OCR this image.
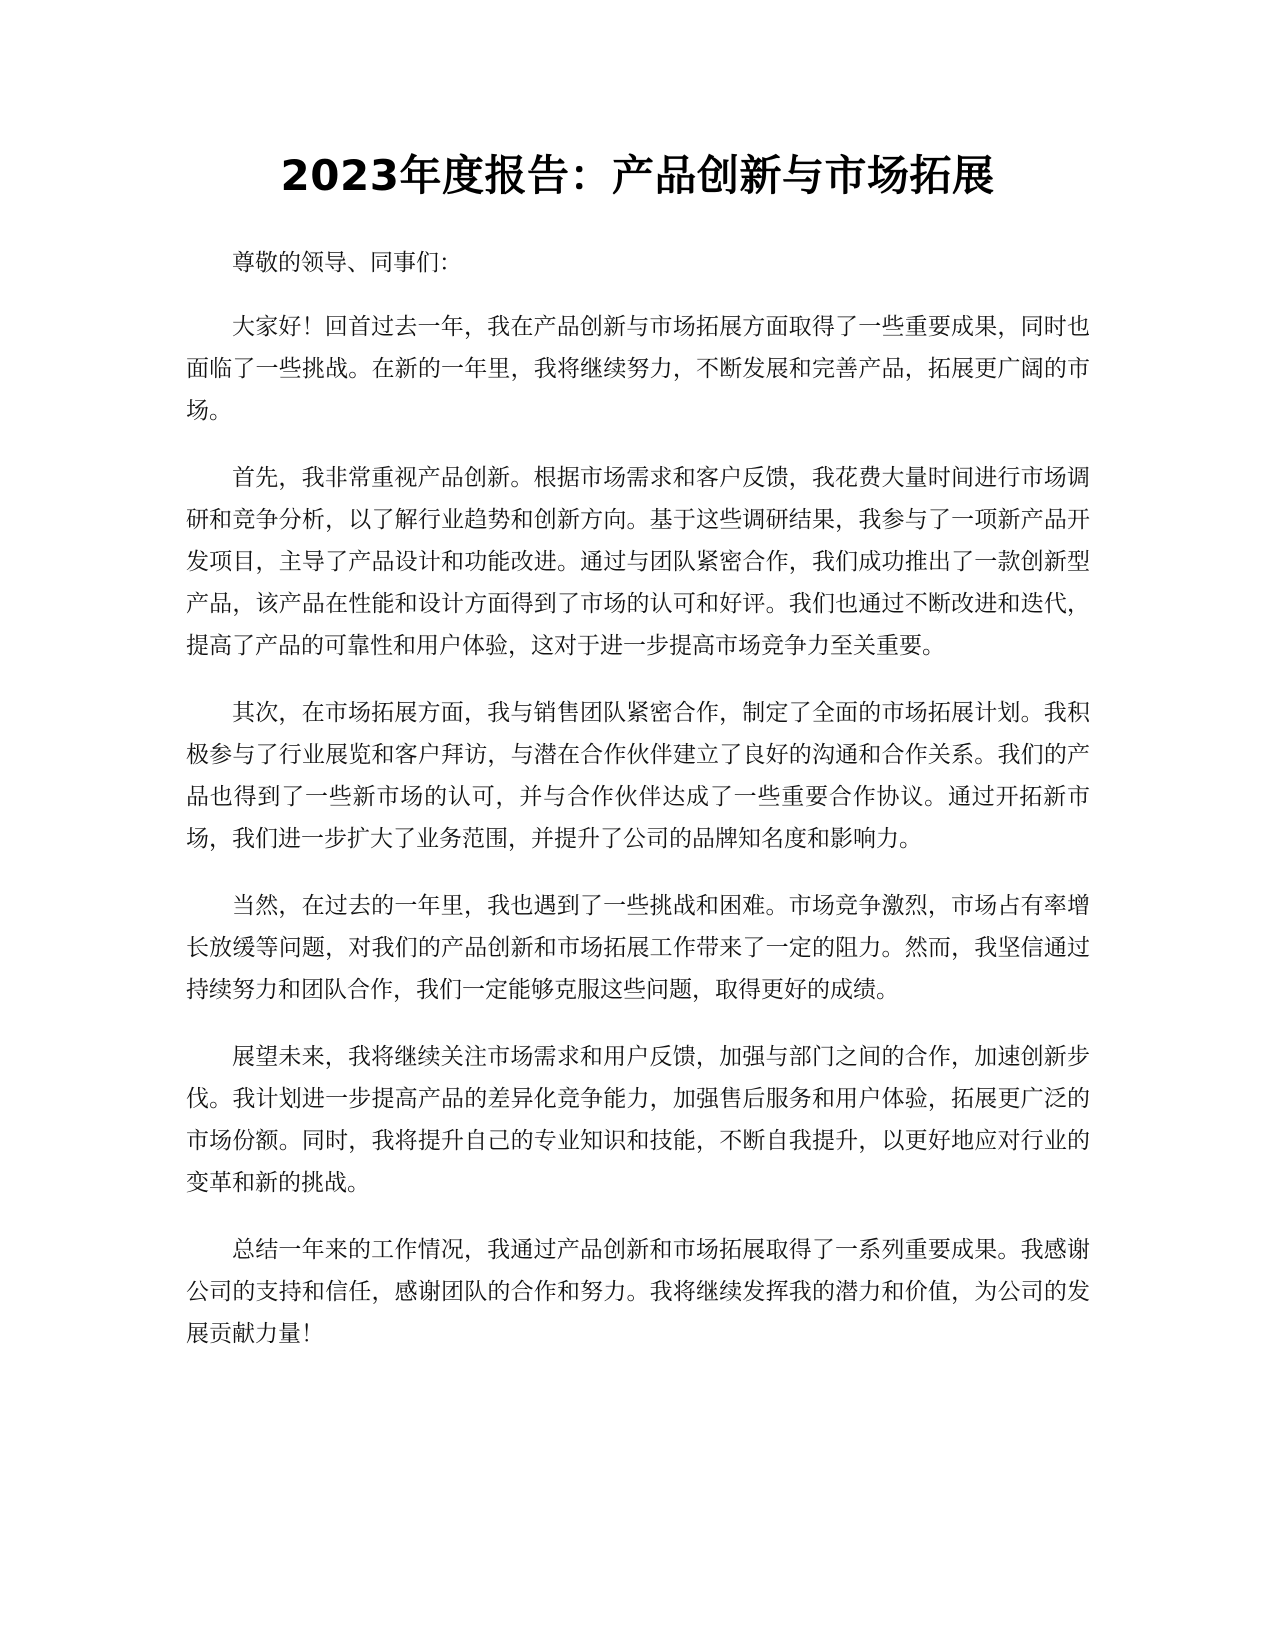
2023年度报告：产品创新与市场拓展

尊敬的领导、同事们：

大家好！回首过去一年，我在产品创新与市场拓展方面取得了一些重要成果，同时也面临了一些挑战。在新的一年里，我将继续努力，不断发展和完善产品，拓展更广阔的市场。

首先，我非常重视产品创新。根据市场需求和客户反馈，我花费大量时间进行市场调研和竞争分析，以了解行业趋势和创新方向。基于这些调研结果，我参与了一项新产品开发项目，主导了产品设计和功能改进。通过与团队紧密合作，我们成功推出了一款创新型产品，该产品在性能和设计方面得到了市场的认可和好评。我们也通过不断改进和迭代，提高了产品的可靠性和用户体验，这对于进一步提高市场竞争力至关重要。

其次，在市场拓展方面，我与销售团队紧密合作，制定了全面的市场拓展计划。我积极参与了行业展览和客户拜访，与潜在合作伙伴建立了良好的沟通和合作关系。我们的产品也得到了一些新市场的认可，并与合作伙伴达成了一些重要合作协议。通过开拓新市场，我们进一步扩大了业务范围，并提升了公司的品牌知名度和影响力。

当然，在过去的一年里，我也遇到了一些挑战和困难。市场竞争激烈，市场占有率增长放缓等问题，对我们的产品创新和市场拓展工作带来了一定的阻力。然而，我坚信通过持续努力和团队合作，我们一定能够克服这些问题，取得更好的成绩。

展望未来，我将继续关注市场需求和用户反馈，加强与部门之间的合作，加速创新步伐。我计划进一步提高产品的差异化竞争能力，加强售后服务和用户体验，拓展更广泛的市场份额。同时，我将提升自己的专业知识和技能，不断自我提升，以更好地应对行业的变革和新的挑战。

总结一年来的工作情况，我通过产品创新和市场拓展取得了一系列重要成果。我感谢公司的支持和信任，感谢团队的合作和努力。我将继续发挥我的潜力和价值，为公司的发展贡献力量！
